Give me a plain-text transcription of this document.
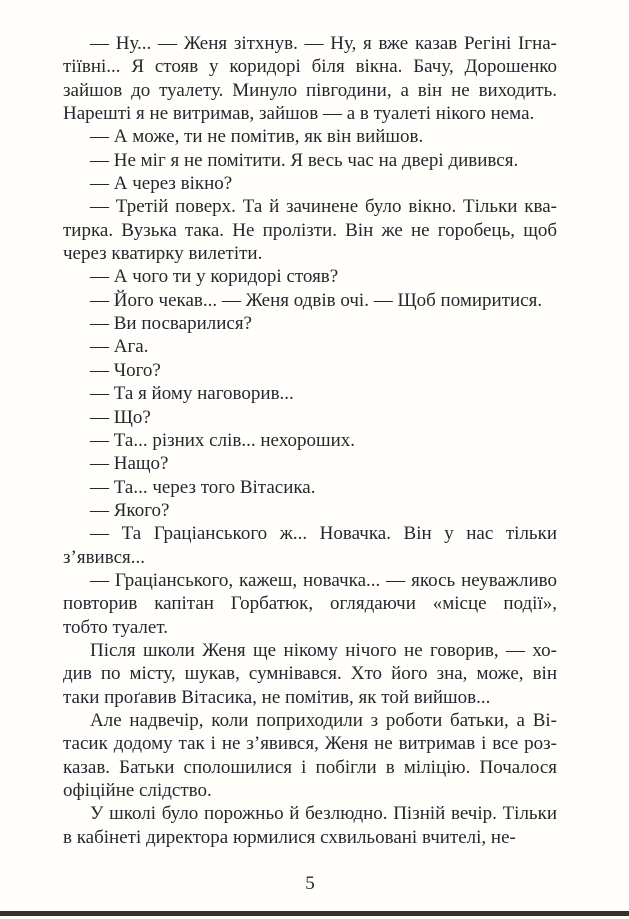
— Ну... — Женя зітхнув. — Ну, я вже казав Регіні Ігна-
тіївні... Я стояв у коридорі біля вікна. Бачу, Дорошенко
зайшов до туалету. Минуло півгодини, а він не виходить.
Нарешті я не витримав, зайшов — а в туалеті нікого нема.
— А може, ти не помітив, як він вийшов.
— Не міг я не помітити. Я весь час на двері дивився.
— А через вікно?
— Третій поверх. Та й зачинене було вікно. Тільки ква-
тирка. Вузька така. Не пролізти. Він же не горобець, щоб
через кватирку вилетіти.
— А чого ти у коридорі стояв?
— Його чекав... — Женя одвів очі. — Щоб помиритися.
— Ви посварилися?
— Ага.
— Чого?
— Та я йому наговорив...
— Що?
— Та... різних слів... нехороших.
— Нащо?
— Та... через того Вітасика.
— Якого?
— Та Граціанського ж... Новачка. Він у нас тільки
з’явився...
— Граціанського, кажеш, новачка... — якось неуважливо
повторив капітан Горбатюк, оглядаючи «місце події»,
тобто туалет.
Після школи Женя ще нікому нічого не говорив, — хо-
див по місту, шукав, сумнівався. Хто його зна, може, він
таки проґавив Вітасика, не помітив, як той вийшов...
Але надвечір, коли поприходили з роботи батьки, а Ві-
тасик додому так і не з’явився, Женя не витримав і все роз-
казав. Батьки сполошилися і побігли в міліцію. Почалося
офіційне слідство.
У школі було порожньо й безлюдно. Пізній вечір. Тільки
в кабінеті директора юрмилися схвильовані вчителі, не-
5
